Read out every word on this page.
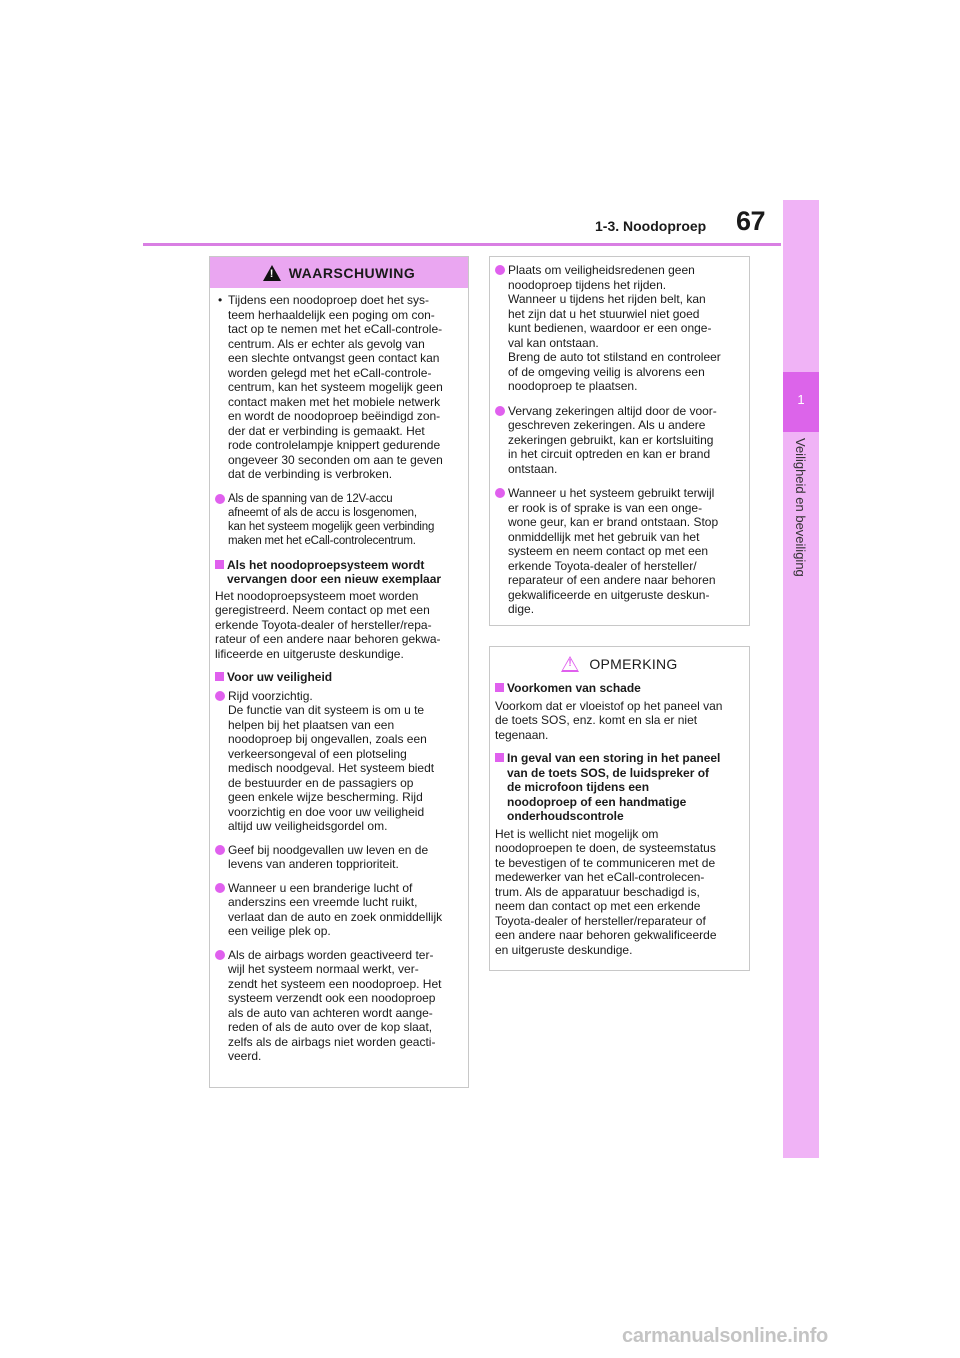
1-3. Noodoproep 67
1
Veiligheid en beveiliging
!
WAARSCHUWING
• Tijdens een noodoproep doet het sys-
teem herhaaldelijk een poging om con-
tact op te nemen met het eCall-controle-
centrum. Als er echter als gevolg van
een slechte ontvangst geen contact kan
worden gelegd met het eCall-controle-
centrum, kan het systeem mogelijk geen
contact maken met het mobiele netwerk
en wordt de noodoproep beëindigd zon-
der dat er verbinding is gemaakt. Het
rode controlelampje knippert gedurende
ongeveer 30 seconden om aan te geven
dat de verbinding is verbroken.
Als de spanning van de 12V-accu
afneemt of als de accu is losgenomen,
kan het systeem mogelijk geen verbinding
maken met het eCall-controlecentrum.
Als het noodoproepsysteem wordt
vervangen door een nieuw exemplaar
Het noodoproepsysteem moet worden
geregistreerd. Neem contact op met een
erkende Toyota-dealer of hersteller/repa-
rateur of een andere naar behoren gekwa-
lificeerde en uitgeruste deskundige.
Voor uw veiligheid
Rijd voorzichtig.
De functie van dit systeem is om u te
helpen bij het plaatsen van een
noodoproep bij ongevallen, zoals een
verkeersongeval of een plotseling
medisch noodgeval. Het systeem biedt
de bestuurder en de passagiers op
geen enkele wijze bescherming. Rijd
voorzichtig en doe voor uw veiligheid
altijd uw veiligheidsgordel om.
Geef bij noodgevallen uw leven en de
levens van anderen topprioriteit.
Wanneer u een branderige lucht of
anderszins een vreemde lucht ruikt,
verlaat dan de auto en zoek onmiddellijk
een veilige plek op.
Als de airbags worden geactiveerd ter-
wijl het systeem normaal werkt, ver-
zendt het systeem een noodoproep. Het
systeem verzendt ook een noodoproep
als de auto van achteren wordt aange-
reden of als de auto over de kop slaat,
zelfs als de airbags niet worden geacti-
veerd.
Plaats om veiligheidsredenen geen
noodoproep tijdens het rijden.
Wanneer u tijdens het rijden belt, kan
het zijn dat u het stuurwiel niet goed
kunt bedienen, waardoor er een onge-
val kan ontstaan.
Breng de auto tot stilstand en controleer
of de omgeving veilig is alvorens een
noodoproep te plaatsen.
Vervang zekeringen altijd door de voor-
geschreven zekeringen. Als u andere
zekeringen gebruikt, kan er kortsluiting
in het circuit optreden en kan er brand
ontstaan.
Wanneer u het systeem gebruikt terwijl
er rook is of sprake is van een onge-
wone geur, kan er brand ontstaan. Stop
onmiddellijk met het gebruik van het
systeem en neem contact op met een
erkende Toyota-dealer of hersteller/
reparateur of een andere naar behoren
gekwalificeerde en uitgeruste deskun-
dige.
!
OPMERKING
Voorkomen van schade
Voorkom dat er vloeistof op het paneel van
de toets SOS, enz. komt en sla er niet
tegenaan.
In geval van een storing in het paneel
van de toets SOS, de luidspreker of
de microfoon tijdens een
noodoproep of een handmatige
onderhoudscontrole
Het is wellicht niet mogelijk om
noodoproepen te doen, de systeemstatus
te bevestigen of te communiceren met de
medewerker van het eCall-controlecen-
trum. Als de apparatuur beschadigd is,
neem dan contact op met een erkende
Toyota-dealer of hersteller/reparateur of
een andere naar behoren gekwalificeerde
en uitgeruste deskundige.
carmanualsonline.info
